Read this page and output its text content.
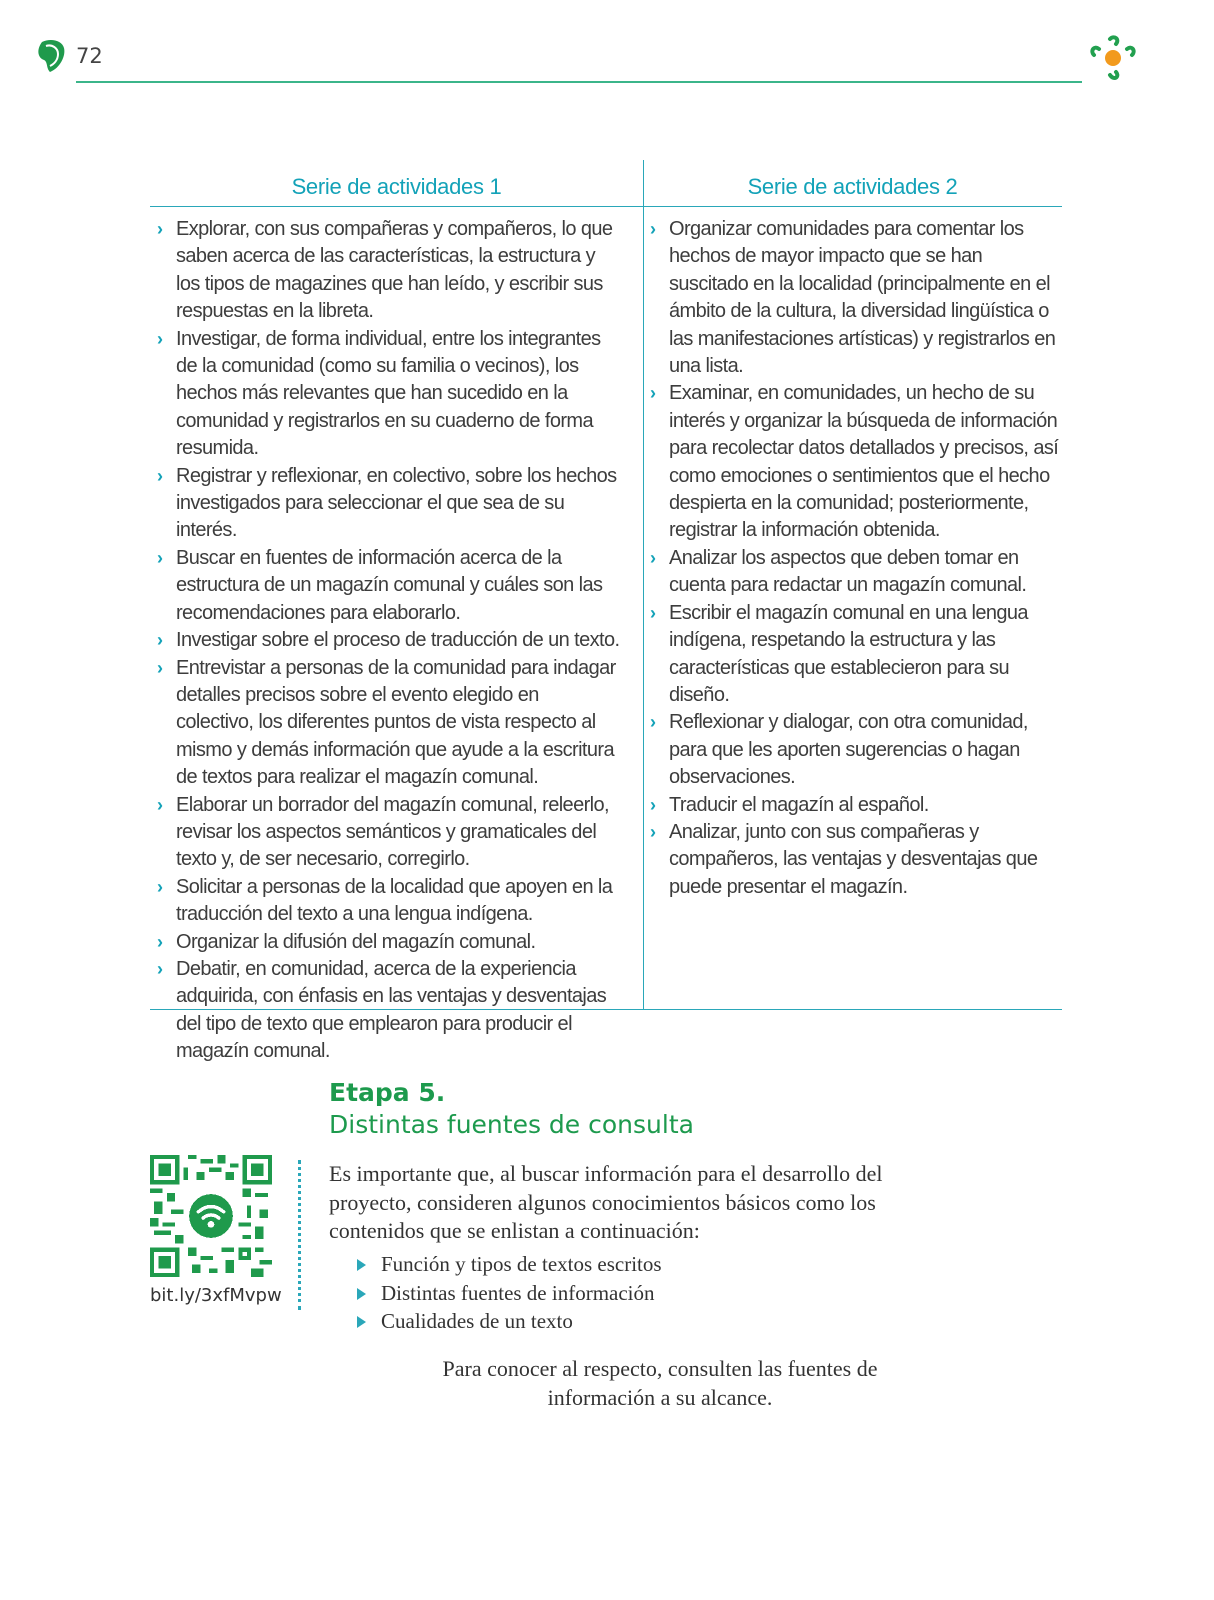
72
Serie de actividades 1	Serie de actividades 2
› Explorar, con sus compañeras y compañeros, lo que saben acerca de las características, la estructura y los tipos de magazines que han leído, y escribir sus respuestas en la libreta.
› Investigar, de forma individual, entre los integrantes de la comunidad (como su familia o vecinos), los hechos más relevantes que han sucedido en la comunidad y registrarlos en su cuaderno de forma resumida.
› Registrar y reflexionar, en colectivo, sobre los hechos investigados para seleccionar el que sea de su interés.
› Buscar en fuentes de información acerca de la estructura de un magazín comunal y cuáles son las recomendaciones para elaborarlo.
› Investigar sobre el proceso de traducción de un texto.
› Entrevistar a personas de la comunidad para indagar detalles precisos sobre el evento elegido en colectivo, los diferentes puntos de vista respecto al mismo y demás información que ayude a la escritura de textos para realizar el magazín comunal.
› Elaborar un borrador del magazín comunal, releerlo, revisar los aspectos semánticos y gramaticales del texto y, de ser necesario, corregirlo.
› Solicitar a personas de la localidad que apoyen en la traducción del texto a una lengua indígena.
› Organizar la difusión del magazín comunal.
› Debatir, en comunidad, acerca de la experiencia adquirida, con énfasis en las ventajas y desventajas del tipo de texto que emplearon para producir el magazín comunal.
› Organizar comunidades para comentar los hechos de mayor impacto que se han suscitado en la localidad (principalmente en el ámbito de la cultura, la diversidad lingüística o las manifestaciones artísticas) y registrarlos en una lista.
› Examinar, en comunidades, un hecho de su interés y organizar la búsqueda de información para recolectar datos detallados y precisos, así como emociones o sentimientos que el hecho despierta en la comunidad; posteriormente, registrar la información obtenida.
› Analizar los aspectos que deben tomar en cuenta para redactar un magazín comunal.
› Escribir el magazín comunal en una lengua indígena, respetando la estructura y las características que establecieron para su diseño.
› Reflexionar y dialogar, con otra comunidad, para que les aporten sugerencias o hagan observaciones.
› Traducir el magazín al español.
› Analizar, junto con sus compañeras y compañeros, las ventajas y desventajas que puede presentar el magazín.
Etapa 5.
Distintas fuentes de consulta
bit.ly/3xfMvpw
Es importante que, al buscar información para el desarrollo del proyecto, consideren algunos conocimientos básicos como los contenidos que se enlistan a continuación:
Función y tipos de textos escritos
Distintas fuentes de información
Cualidades de un texto
Para conocer al respecto, consulten las fuentes de información a su alcance.
